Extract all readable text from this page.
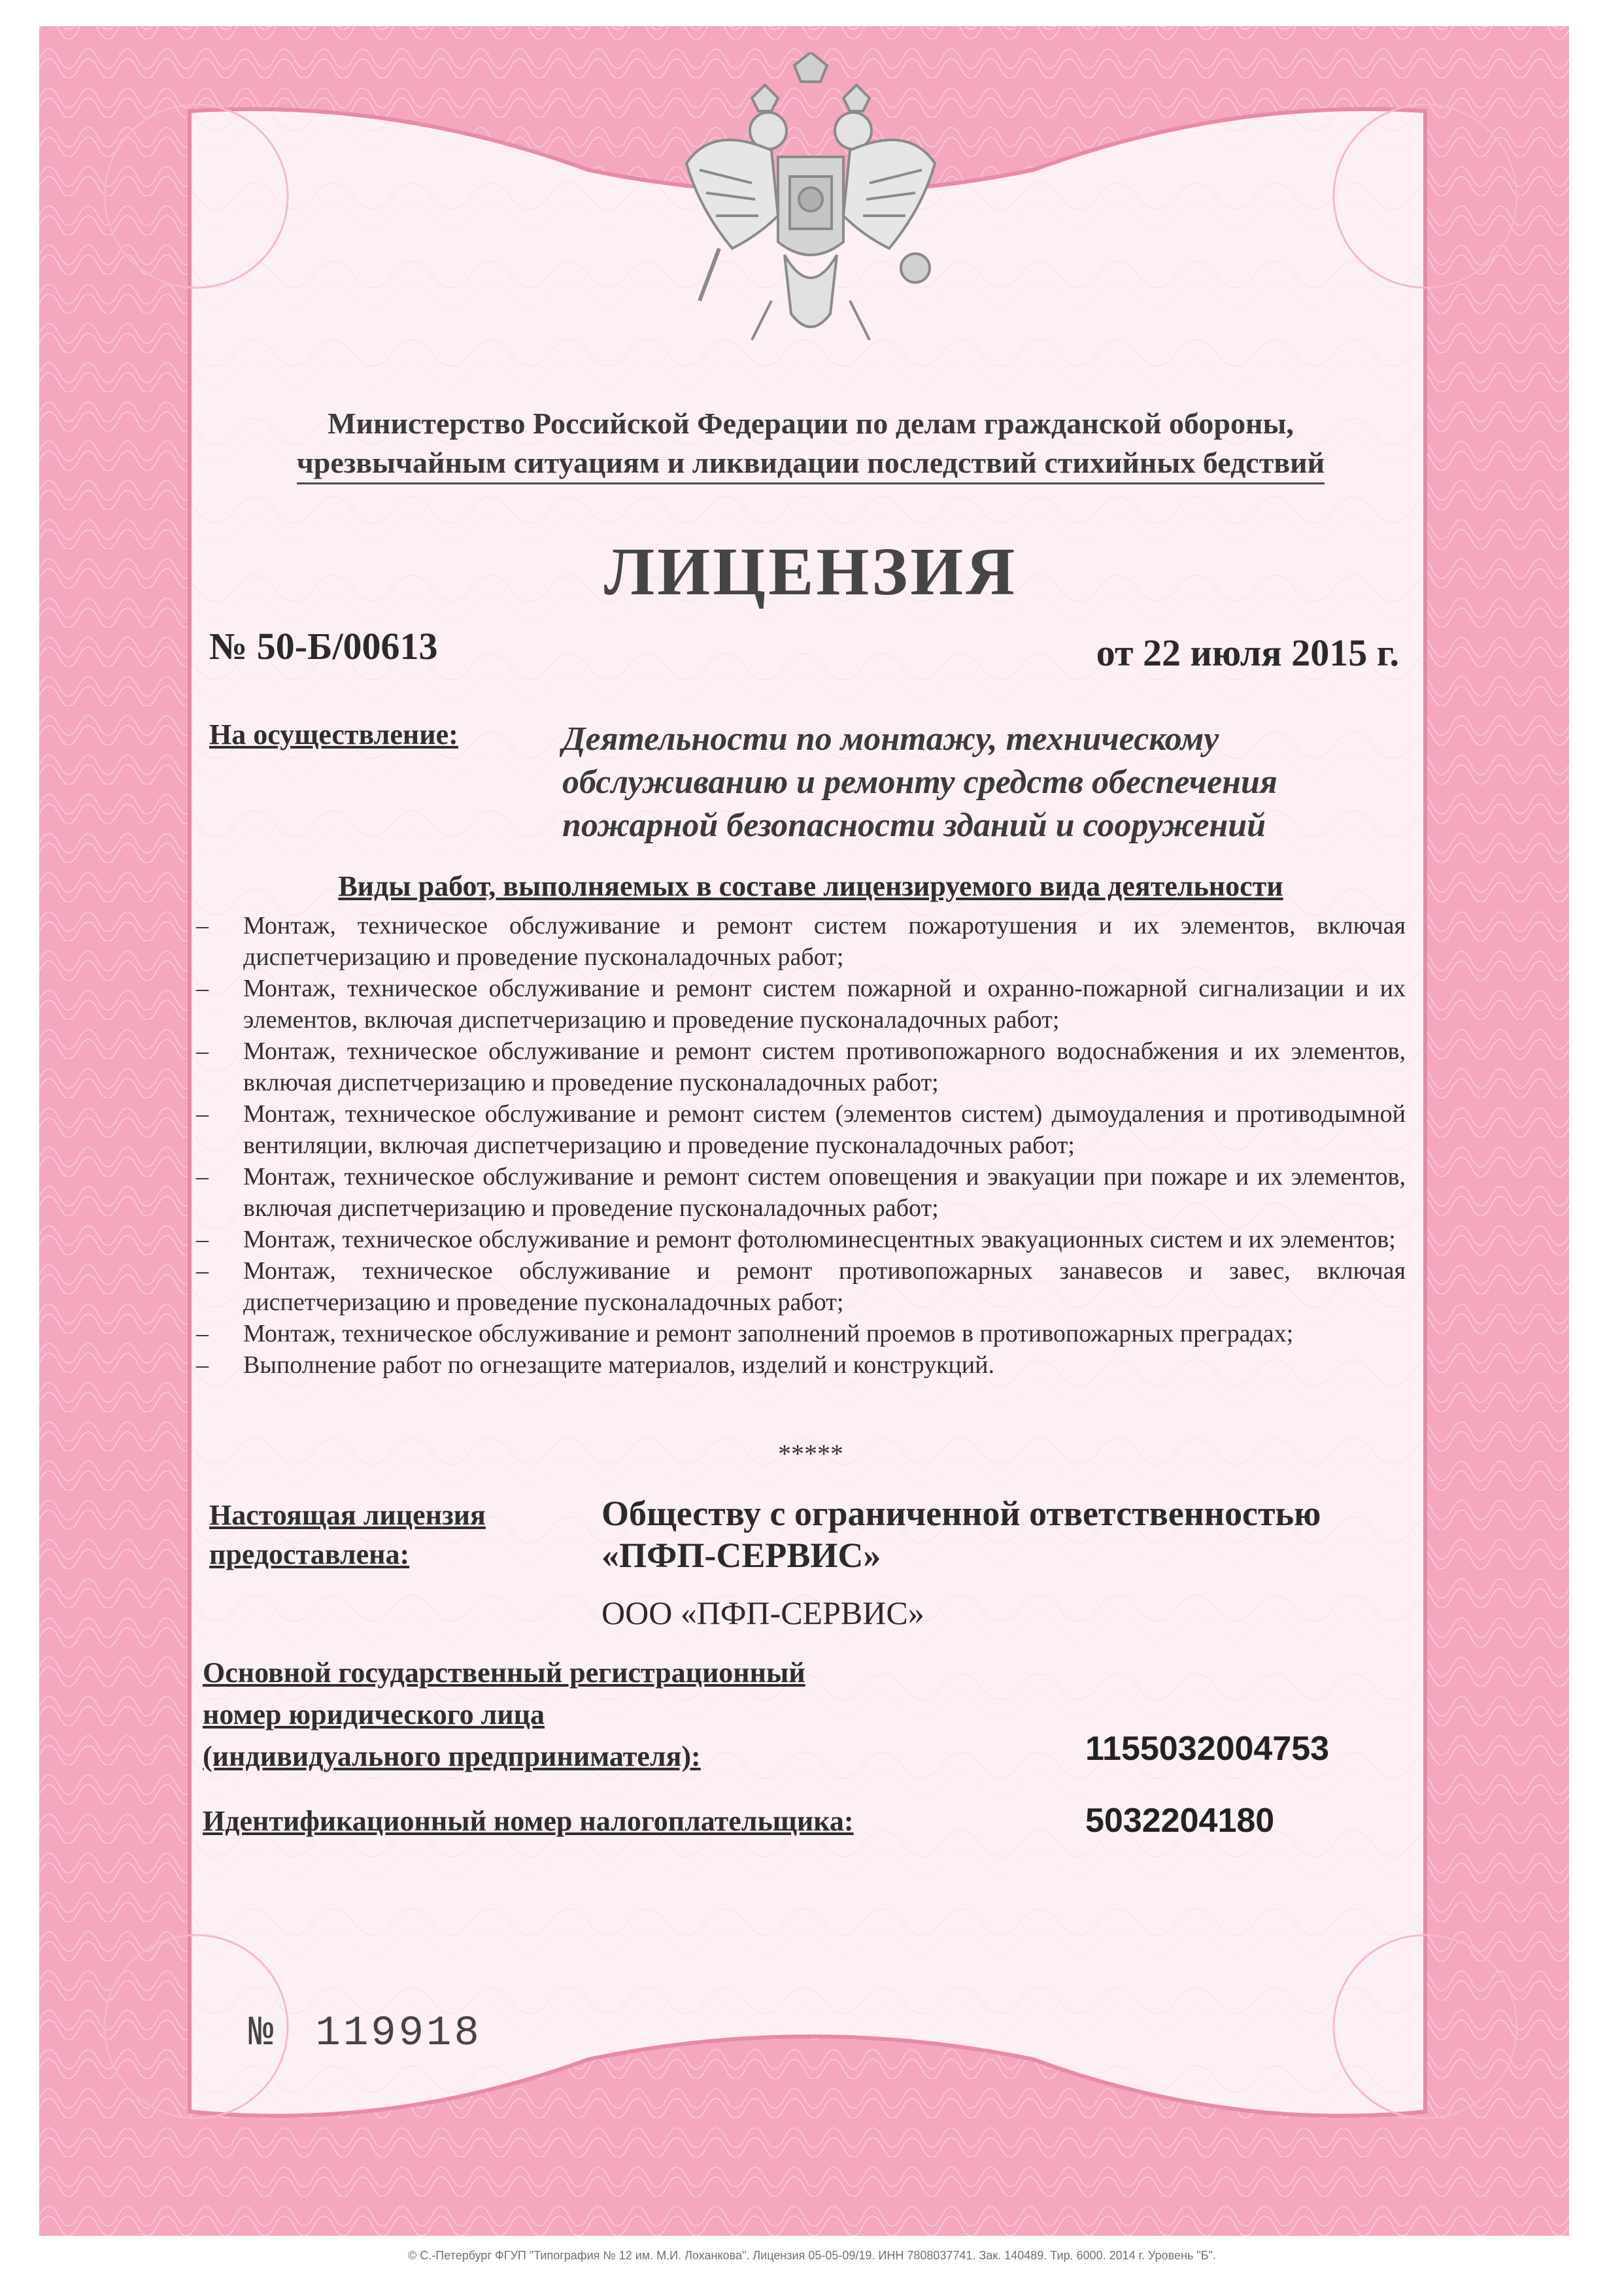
Министерство Российской Федерации по делам гражданской обороны,
чрезвычайным ситуациям и ликвидации последствий стихийных бедствий
ЛИЦЕНЗИЯ
№ 50-Б/00613	от 22 июля 2015 г.
На осуществление:	Деятельности по монтажу, техническому обслуживанию и ремонту средств обеспечения пожарной безопасности зданий и сооружений
Виды работ, выполняемых в составе лицензируемого вида деятельности
– Монтаж, техническое обслуживание и ремонт систем пожаротушения и их элементов, включая диспетчеризацию и проведение пусконаладочных работ;
– Монтаж, техническое обслуживание и ремонт систем пожарной и охранно-пожарной сигнализации и их элементов, включая диспетчеризацию и проведение пусконаладочных работ;
– Монтаж, техническое обслуживание и ремонт систем противопожарного водоснабжения и их элементов, включая диспетчеризацию и проведение пусконаладочных работ;
– Монтаж, техническое обслуживание и ремонт систем (элементов систем) дымоудаления и противодымной вентиляции, включая диспетчеризацию и проведение пусконаладочных работ;
– Монтаж, техническое обслуживание и ремонт систем оповещения и эвакуации при пожаре и их элементов, включая диспетчеризацию и проведение пусконаладочных работ;
– Монтаж, техническое обслуживание и ремонт фотолюминесцентных эвакуационных систем и их элементов;
– Монтаж, техническое обслуживание и ремонт противопожарных занавесов и завес, включая диспетчеризацию и проведение пусконаладочных работ;
– Монтаж, техническое обслуживание и ремонт заполнений проемов в противопожарных преградах;
– Выполнение работ по огнезащите материалов, изделий и конструкций.
*****
Настоящая лицензия
предоставлена:
Обществу с ограниченной ответственностью
«ПФП-СЕРВИС»
ООО «ПФП-СЕРВИС»
Основной государственный регистрационный
номер юридического лица
(индивидуального предпринимателя):	1155032004753
Идентификационный номер налогоплательщика:	5032204180
№ 119918
© С.-Петербург ФГУП "Типография № 12 им. М.И. Лоханкова". Лицензия 05-05-09/19. ИНН 7808037741. Зак. 140489. Тир. 6000. 2014 г. Уровень "Б".
